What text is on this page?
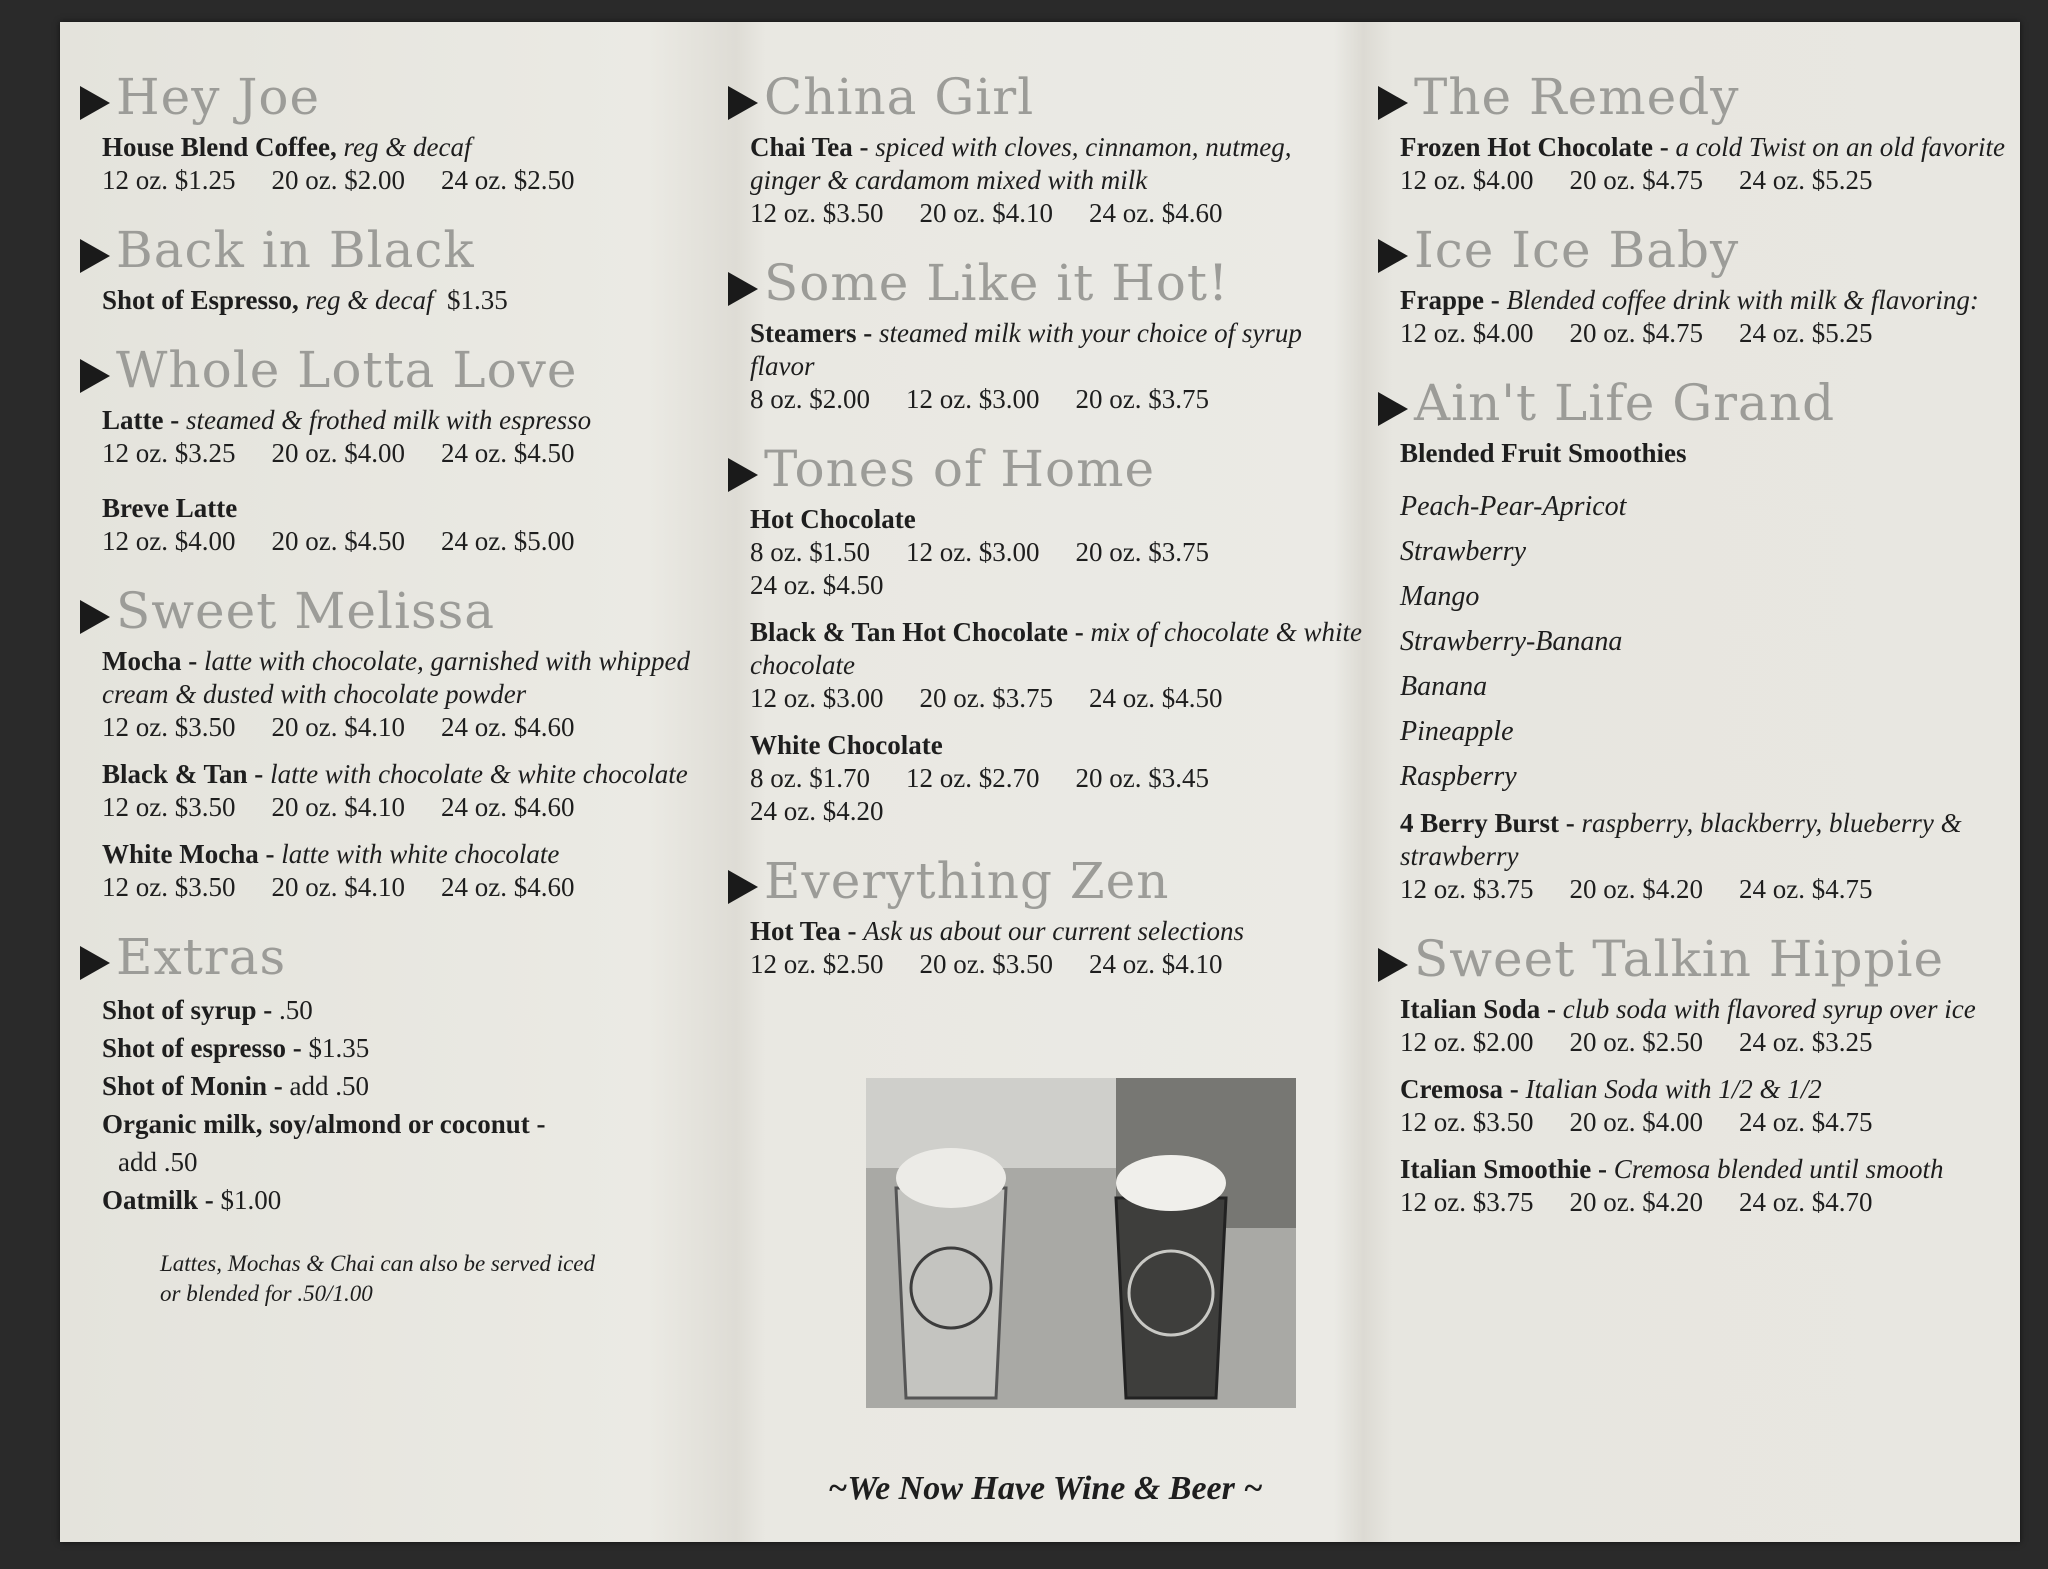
Hey Joe
House Blend Coffee, reg & decaf
12 oz. $1.25 20 oz. $2.00 24 oz. $2.50
Back in Black
Shot of Espresso, reg & decaf $1.35
Whole Lotta Love
Latte - steamed & frothed milk with espresso
12 oz. $3.25 20 oz. $4.00 24 oz. $4.50
Breve Latte
12 oz. $4.00 20 oz. $4.50 24 oz. $5.00
Sweet Melissa
Mocha - latte with chocolate, garnished with whipped cream & dusted with chocolate powder
12 oz. $3.50 20 oz. $4.10 24 oz. $4.60
Black & Tan - latte with chocolate & white chocolate
12 oz. $3.50 20 oz. $4.10 24 oz. $4.60
White Mocha - latte with white chocolate
12 oz. $3.50 20 oz. $4.10 24 oz. $4.60
Extras
Shot of syrup - .50
Shot of espresso - $1.35
Shot of Monin - add .50
Organic milk, soy/almond or coconut -
add .50
Oatmilk - $1.00
Lattes, Mochas & Chai can also be served iced or blended for .50/1.00
China Girl
Chai Tea - spiced with cloves, cinnamon, nutmeg, ginger & cardamom mixed with milk
12 oz. $3.50 20 oz. $4.10 24 oz. $4.60
Some Like it Hot!
Steamers - steamed milk with your choice of syrup flavor
8 oz. $2.00 12 oz. $3.00 20 oz. $3.75
Tones of Home
Hot Chocolate
8 oz. $1.50 12 oz. $3.00 20 oz. $3.75
24 oz. $4.50
Black & Tan Hot Chocolate - mix of chocolate & white chocolate
12 oz. $3.00 20 oz. $3.75 24 oz. $4.50
White Chocolate
8 oz. $1.70 12 oz. $2.70 20 oz. $3.45
24 oz. $4.20
Everything Zen
Hot Tea - Ask us about our current selections
12 oz. $2.50 20 oz. $3.50 24 oz. $4.10
~We Now Have Wine & Beer ~
The Remedy
Frozen Hot Chocolate - a cold Twist on an old favorite
12 oz. $4.00 20 oz. $4.75 24 oz. $5.25
Ice Ice Baby
Frappe - Blended coffee drink with milk & flavoring:
12 oz. $4.00 20 oz. $4.75 24 oz. $5.25
Ain't Life Grand
Blended Fruit Smoothies
Peach-Pear-Apricot
Strawberry
Mango
Strawberry-Banana
Banana
Pineapple
Raspberry
4 Berry Burst - raspberry, blackberry, blueberry & strawberry
12 oz. $3.75 20 oz. $4.20 24 oz. $4.75
Sweet Talkin Hippie
Italian Soda - club soda with flavored syrup over ice
12 oz. $2.00 20 oz. $2.50 24 oz. $3.25
Cremosa - Italian Soda with 1/2 & 1/2
12 oz. $3.50 20 oz. $4.00 24 oz. $4.75
Italian Smoothie - Cremosa blended until smooth
12 oz. $3.75 20 oz. $4.20 24 oz. $4.70
